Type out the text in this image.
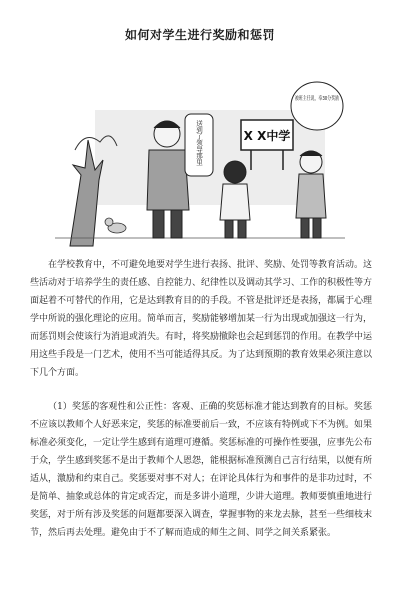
如何对学生进行奖励和惩罚
X X中学
送到了领导那里
被班主任说，奉30分奖励

在学校教育中，不可避免地要对学生进行表扬、批评、奖励、处罚等教育活动。这些活动对于培养学生的责任感、自控能力、纪律性以及调动其学习、工作的积极性等方面起着不可替代的作用，它是达到教育目的的手段。不管是批评还是表扬，都属于心理学中所说的强化理论的应用。简单而言，奖励能够增加某一行为出现或加强这一行为，而惩罚则会使该行为消退或消失。有时，将奖励撤除也会起到惩罚的作用。在教学中运用这些手段是一门艺术，使用不当可能适得其反。为了达到预期的教育效果必须注意以下几个方面。

（1）奖惩的客观性和公正性：客观、正确的奖惩标准才能达到教育的目标。奖惩不应该以教师个人好恶来定，奖惩的标准要前后一致，不应该有特例或下不为例。如果标准必须变化，一定让学生感到有道理可遵循。奖惩标准的可操作性要强，应事先公布于众，学生感到奖惩不是出于教师个人恩怨，能根据标准预测自己言行结果，以便有所适从，激励和约束自己。奖惩要对事不对人；在评论具体行为和事件的是非功过时，不是简单、抽象或总体的肯定或否定，而是多讲小道理，少讲大道理。教师要慎重地进行奖惩，对于所有涉及奖惩的问题都要深入调查，掌握事物的来龙去脉，甚至一些细枝末节，然后再去处理。避免由于不了解而造成的师生之间、同学之间关系紧张。
